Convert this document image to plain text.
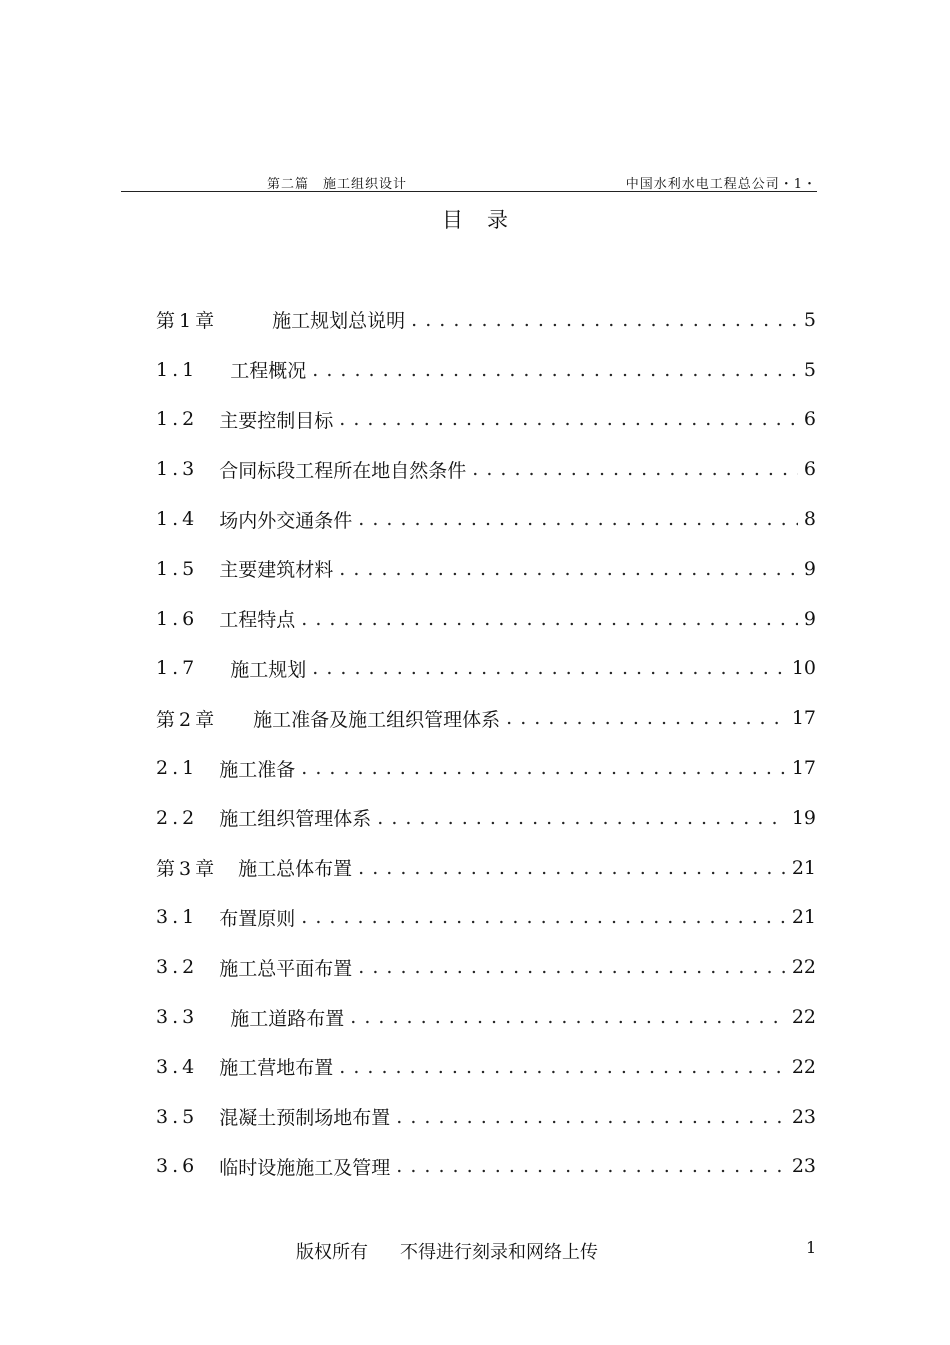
第二篇　施工组织设计	中国水利水电工程总公司・1・
目录
第1章	施工规划总说明 . . .	5
1.1 工程概况 . . .	5
1.2 主要控制目标 . . .	6
1.3 合同标段工程所在地自然条件 . . .	6
1.4 场内外交通条件 . . .	8
1.5 主要建筑材料 . . .	9
1.6 工程特点 . . .	9
1.7 施工规划 . . .	10
第2章 施工准备及施工组织管理体系 . . .	17
2.1 施工准备 . . .	17
2.2 施工组织管理体系 . . .	19
第3章 施工总体布置 . . .	21
3.1 布置原则 . . .	21
3.2 施工总平面布置 . . .	22
3.3 施工道路布置 . . .	22
3.4 施工营地布置 . . .	22
3.5 混凝土预制场地布置 . . .	23
3.6 临时设施施工及管理 . . .	23
版权所有 不得进行刻录和网络上传	1
